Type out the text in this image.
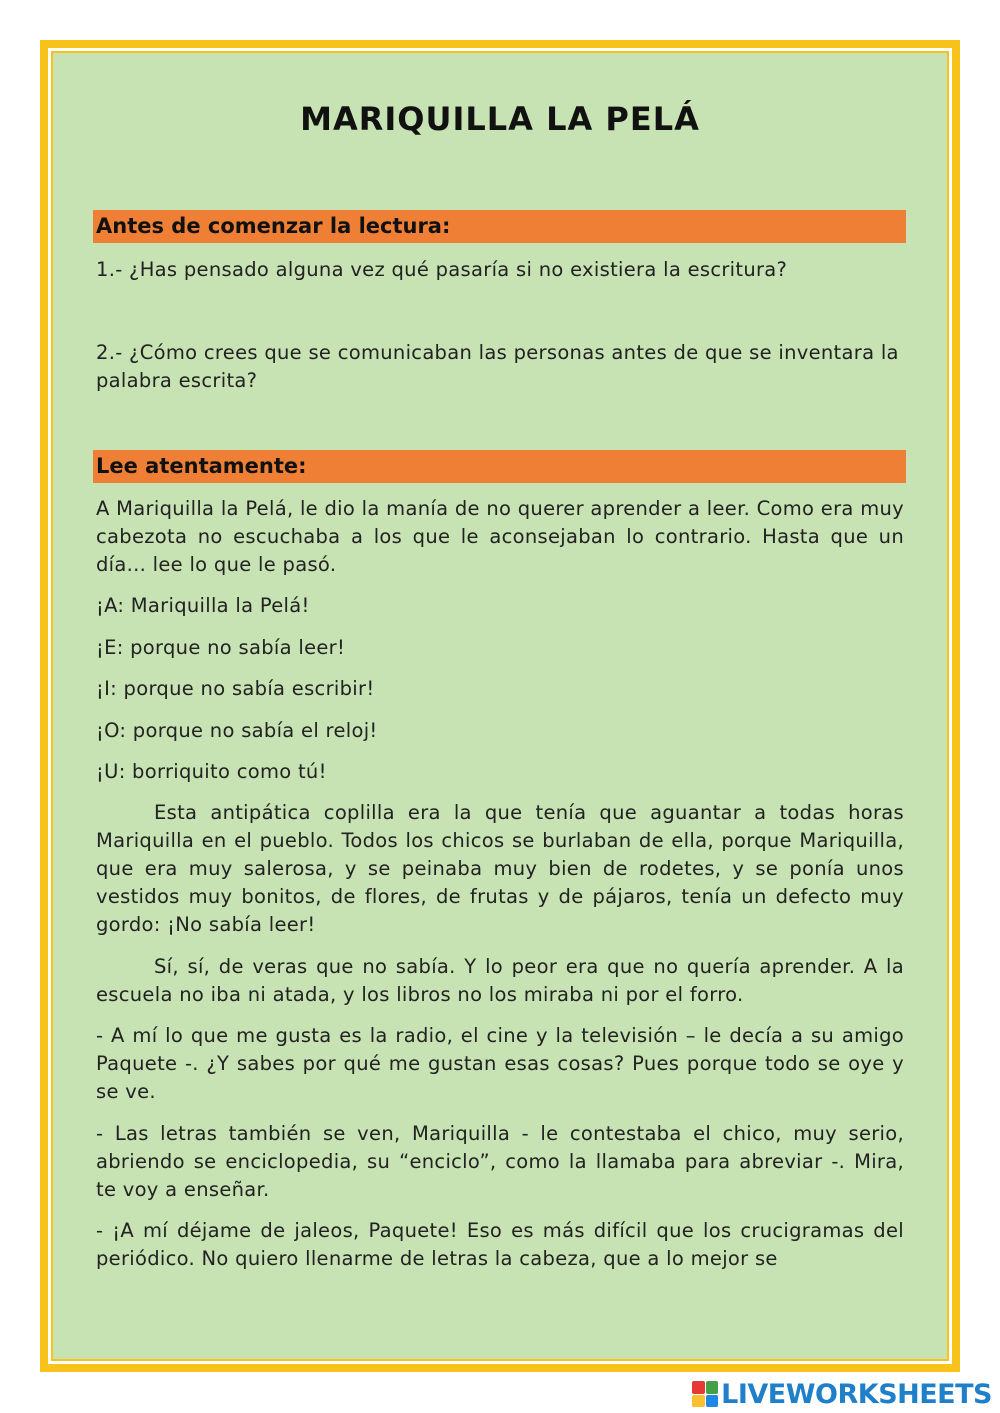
MARIQUILLA LA PELÁ
Antes de comenzar la lectura:
1.- ¿Has pensado alguna vez qué pasaría si no existiera la escritura?
2.- ¿Cómo crees que se comunicaban las personas antes de que se inventara la palabra escrita?
Lee atentamente:
A Mariquilla la Pelá, le dio la manía de no querer aprender a leer. Como era muy cabezota no escuchaba a los que le aconsejaban lo contrario. Hasta que un día... lee lo que le pasó.
¡A: Mariquilla la Pelá!
¡E: porque no sabía leer!
¡I: porque no sabía escribir!
¡O: porque no sabía el reloj!
¡U: borriquito como tú!
Esta antipática coplilla era la que tenía que aguantar a todas horas Mariquilla en el pueblo. Todos los chicos se burlaban de ella, porque Mariquilla, que era muy salerosa, y se peinaba muy bien de rodetes, y se ponía unos vestidos muy bonitos, de flores, de frutas y de pájaros, tenía un defecto muy gordo: ¡No sabía leer!
Sí, sí, de veras que no sabía. Y lo peor era que no quería aprender. A la escuela no iba ni atada, y los libros no los miraba ni por el forro.
- A mí lo que me gusta es la radio, el cine y la televisión – le decía a su amigo Paquete -. ¿Y sabes por qué me gustan esas cosas? Pues porque todo se oye y se ve.
- Las letras también se ven, Mariquilla - le contestaba el chico, muy serio, abriendo se enciclopedia, su “enciclo”, como la llamaba para abreviar -. Mira, te voy a enseñar.
- ¡A mí déjame de jaleos, Paquete! Eso es más difícil que los crucigramas del periódico. No quiero llenarme de letras la cabeza, que a lo mejor se
LIVEWORKSHEETS
